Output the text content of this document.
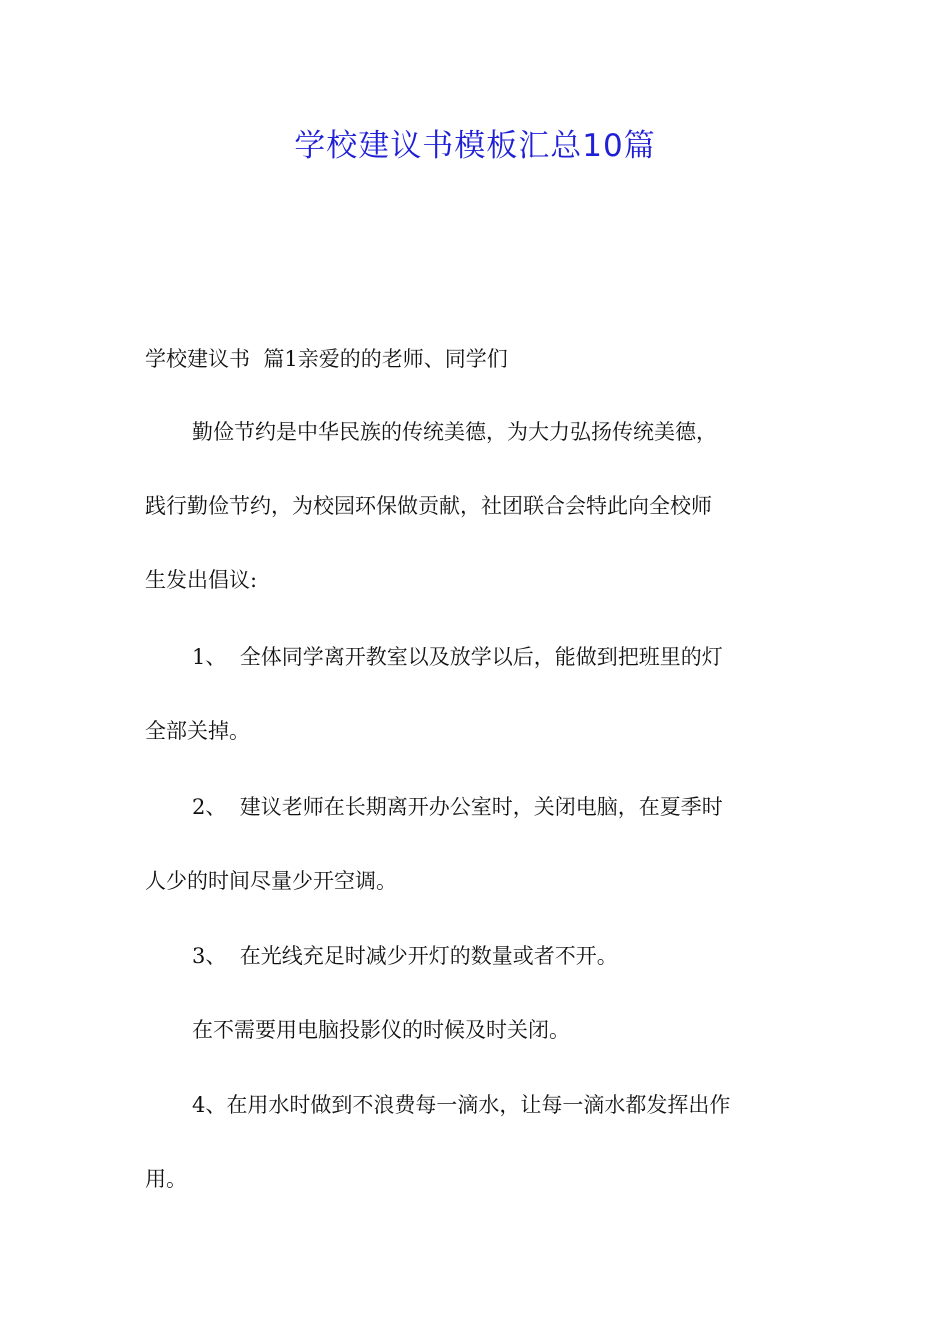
学校建议书模板汇总10篇
学校建议书  篇1亲爱的的老师、同学们
勤俭节约是中华民族的传统美德，为大力弘扬传统美德，
践行勤俭节约，为校园环保做贡献，社团联合会特此向全校师
生发出倡议:
1、  全体同学离开教室以及放学以后，能做到把班里的灯
全部关掉。
2、  建议老师在长期离开办公室时，关闭电脑，在夏季时
人少的时间尽量少开空调。
3、  在光线充足时减少开灯的数量或者不开。
在不需要用电脑投影仪的时候及时关闭。
4、在用水时做到不浪费每一滴水，让每一滴水都发挥出作
用。
